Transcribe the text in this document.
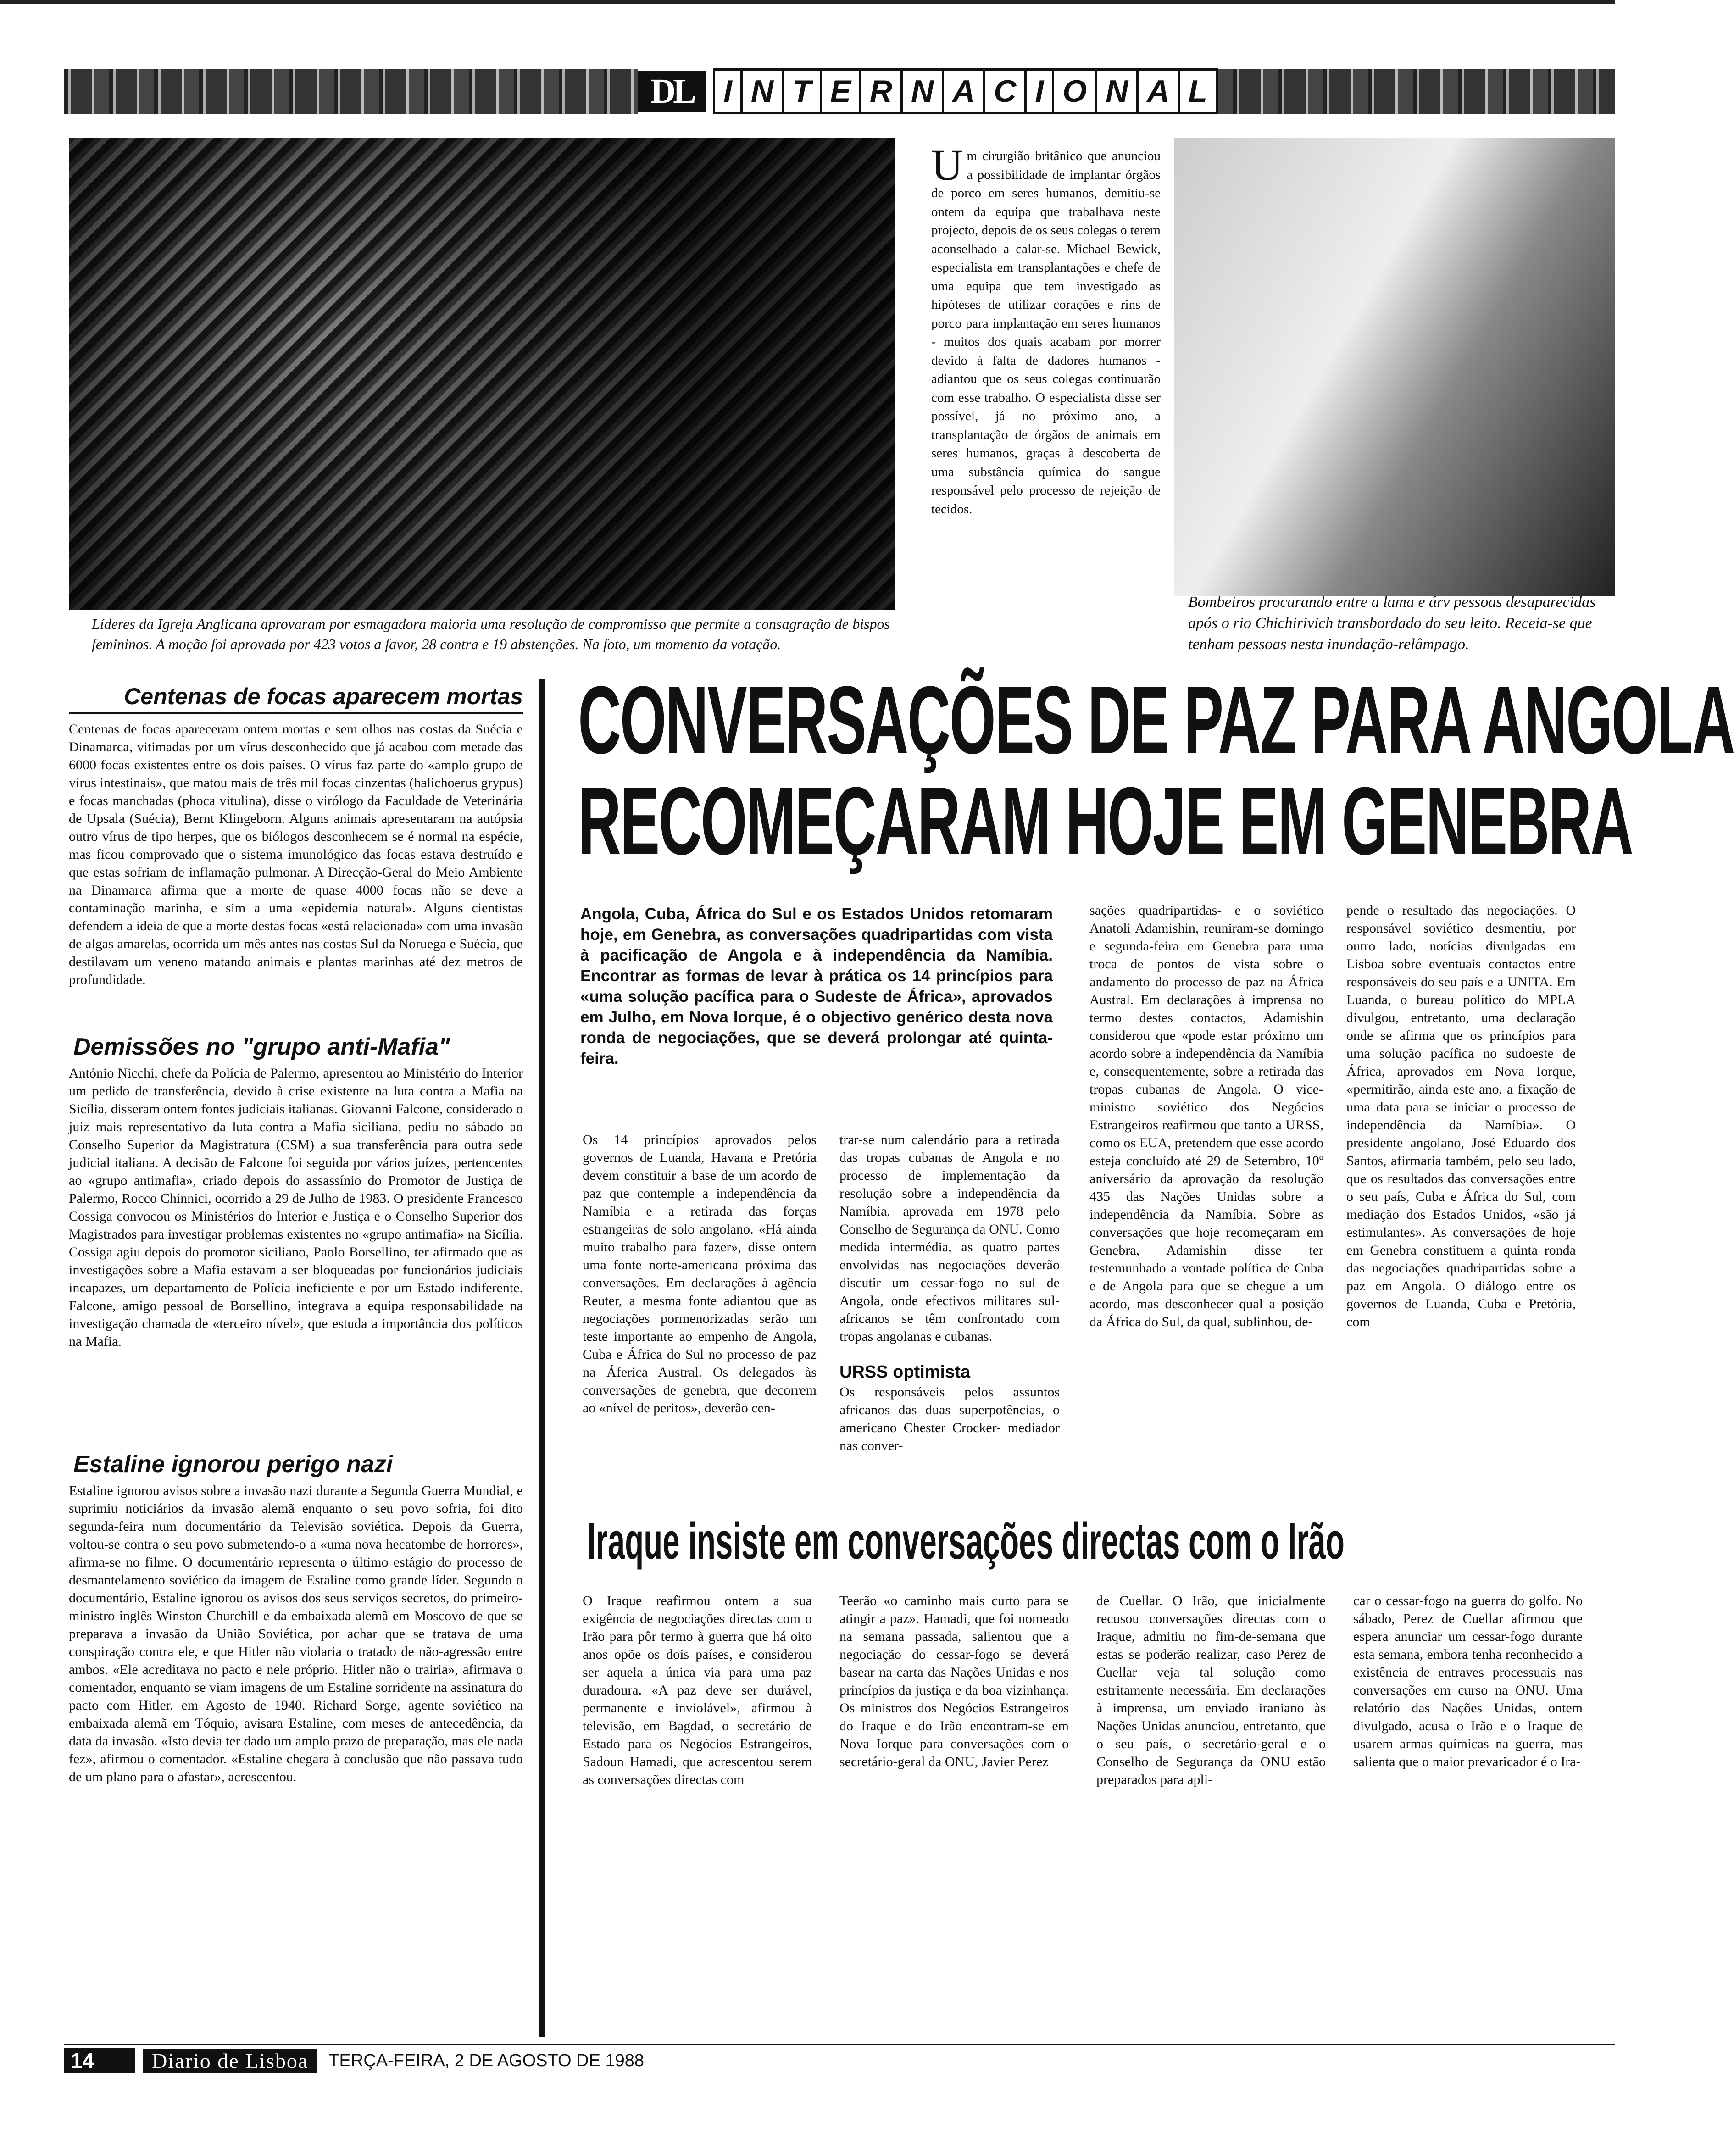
DL I N T E R N A C I O N A L
Líderes da Igreja Anglicana aprovaram por esmagadora maioria uma resolução de compromisso que permite a consagração de bispos femininos. A moção foi aprovada por 423 votos a favor, 28 contra e 19 abstenções. Na foto, um momento da votação.
Um cirurgião britânico que anunciou a possibilidade de implantar órgãos de porco em seres humanos, demitiu-se ontem da equipa que trabalhava neste projecto, depois de os seus colegas o terem aconselhado a calar-se. Michael Bewick, especialista em transplantações e chefe de uma equipa que tem investigado as hipóteses de utilizar corações e rins de porco para implantação em seres humanos - muitos dos quais acabam por morrer devido à falta de dadores humanos - adiantou que os seus colegas continuarão com esse trabalho. O especialista disse ser possível, já no próximo ano, a transplantação de órgãos de animais em seres humanos, graças à descoberta de uma substância química do sangue responsável pelo processo de rejeição de tecidos.
Bombeiros procurando entre a lama e árv pessoas desaparecidas após o rio Chichirivich transbordado do seu leito. Receia-se que tenham pessoas nesta inundação-relâmpago.
Centenas de focas aparecem mortas
Centenas de focas apareceram ontem mortas e sem olhos nas costas da Suécia e Dinamarca, vitimadas por um vírus desconhecido que já acabou com metade das 6000 focas existentes entre os dois países. O vírus faz parte do «amplo grupo de vírus intestinais», que matou mais de três mil focas cinzentas (halichoerus grypus) e focas manchadas (phoca vitulina), disse o virólogo da Faculdade de Veterinária de Upsala (Suécia), Bernt Klingeborn. Alguns animais apresentaram na autópsia outro vírus de tipo herpes, que os biólogos desconhecem se é normal na espécie, mas ficou comprovado que o sistema imunológico das focas estava destruído e que estas sofriam de inflamação pulmonar. A Direcção-Geral do Meio Ambiente na Dinamarca afirma que a morte de quase 4000 focas não se deve a contaminação marinha, e sim a uma «epidemia natural». Alguns cientistas defendem a ideia de que a morte destas focas «está relacionada» com uma invasão de algas amarelas, ocorrida um mês antes nas costas Sul da Noruega e Suécia, que destilavam um veneno matando animais e plantas marinhas até dez metros de profundidade.
Demissões no "grupo anti-Mafia"
António Nicchi, chefe da Polícia de Palermo, apresentou ao Ministério do Interior um pedido de transferência, devido à crise existente na luta contra a Mafia na Sicília, disseram ontem fontes judiciais italianas. Giovanni Falcone, considerado o juiz mais representativo da luta contra a Mafia siciliana, pediu no sábado ao Conselho Superior da Magistratura (CSM) a sua transferência para outra sede judicial italiana. A decisão de Falcone foi seguida por vários juízes, pertencentes ao «grupo antimafia», criado depois do assassínio do Promotor de Justiça de Palermo, Rocco Chinnici, ocorrido a 29 de Julho de 1983. O presidente Francesco Cossiga convocou os Ministérios do Interior e Justiça e o Conselho Superior dos Magistrados para investigar problemas existentes no «grupo antimafia» na Sicília. Cossiga agiu depois do promotor siciliano, Paolo Borsellino, ter afirmado que as investigações sobre a Mafia estavam a ser bloqueadas por funcionários judiciais incapazes, um departamento de Polícia ineficiente e por um Estado indiferente. Falcone, amigo pessoal de Borsellino, integrava a equipa responsabilidade na investigação chamada de «terceiro nível», que estuda a importância dos políticos na Mafia.
Estaline ignorou perigo nazi
Estaline ignorou avisos sobre a invasão nazi durante a Segunda Guerra Mundial, e suprimiu noticiários da invasão alemã enquanto o seu povo sofria, foi dito segunda-feira num documentário da Televisão soviética. Depois da Guerra, voltou-se contra o seu povo submetendo-o a «uma nova hecatombe de horrores», afirma-se no filme. O documentário representa o último estágio do processo de desmantelamento soviético da imagem de Estaline como grande líder. Segundo o documentário, Estaline ignorou os avisos dos seus serviços secretos, do primeiro-ministro inglês Winston Churchill e da embaixada alemã em Moscovo de que se preparava a invasão da União Soviética, por achar que se tratava de uma conspiração contra ele, e que Hitler não violaria o tratado de não-agressão entre ambos. «Ele acreditava no pacto e nele próprio. Hitler não o trairia», afirmava o comentador, enquanto se viam imagens de um Estaline sorridente na assinatura do pacto com Hitler, em Agosto de 1940. Richard Sorge, agente soviético na embaixada alemã em Tóquio, avisara Estaline, com meses de antecedência, da data da invasão. «Isto devia ter dado um amplo prazo de preparação, mas ele nada fez», afirmou o comentador. «Estaline chegara à conclusão que não passava tudo de um plano para o afastar», acrescentou.
CONVERSAÇÕES DE PAZ PARA ANGOLA
RECOMEÇARAM HOJE EM GENEBRA
Angola, Cuba, África do Sul e os Estados Unidos retomaram hoje, em Genebra, as conversações quadripartidas com vista à pacificação de Angola e à independência da Namíbia. Encontrar as formas de levar à prática os 14 princípios para «uma solução pacífica para o Sudeste de África», aprovados em Julho, em Nova Iorque, é o objectivo genérico desta nova ronda de negociações, que se deverá prolongar até quinta-feira.
Os 14 princípios aprovados pelos governos de Luanda, Havana e Pretória devem constituir a base de um acordo de paz que contemple a independência da Namíbia e a retirada das forças estrangeiras de solo angolano. «Há ainda muito trabalho para fazer», disse ontem uma fonte norte-americana próxima das conversações. Em declarações à agência Reuter, a mesma fonte adiantou que as negociações pormenorizadas serão um teste importante ao empenho de Angola, Cuba e África do Sul no processo de paz na Áferica Austral. Os delegados às conversações de genebra, que decorrem ao «nível de peritos», deverão cen-
trar-se num calendário para a retirada das tropas cubanas de Angola e no processo de implementação da resolução sobre a independência da Namíbia, aprovada em 1978 pelo Conselho de Segurança da ONU. Como medida intermédia, as quatro partes envolvidas nas negociações deverão discutir um cessar-fogo no sul de Angola, onde efectivos militares sul-africanos se têm confrontado com tropas angolanas e cubanas.
URSS optimista
Os responsáveis pelos assuntos africanos das duas superpotências, o americano Chester Crocker- mediador nas conver-
sações quadripartidas- e o soviético Anatoli Adamishin, reuniram-se domingo e segunda-feira em Genebra para uma troca de pontos de vista sobre o andamento do processo de paz na África Austral. Em declarações à imprensa no termo destes contactos, Adamishin considerou que «pode estar próximo um acordo sobre a independência da Namíbia e, consequentemente, sobre a retirada das tropas cubanas de Angola. O vice-ministro soviético dos Negócios Estrangeiros reafirmou que tanto a URSS, como os EUA, pretendem que esse acordo esteja concluído até 29 de Setembro, 10º aniversário da aprovação da resolução 435 das Nações Unidas sobre a independência da Namíbia. Sobre as conversações que hoje recomeçaram em Genebra, Adamishin disse ter testemunhado a vontade política de Cuba e de Angola para que se chegue a um acordo, mas desconhecer qual a posição da África do Sul, da qual, sublinhou, de-
pende o resultado das negociações. O responsável soviético desmentiu, por outro lado, notícias divulgadas em Lisboa sobre eventuais contactos entre responsáveis do seu país e a UNITA. Em Luanda, o bureau político do MPLA divulgou, entretanto, uma declaração onde se afirma que os princípios para uma solução pacífica no sudoeste de África, aprovados em Nova Iorque, «permitirão, ainda este ano, a fixação de uma data para se iniciar o processo de independência da Namíbia». O presidente angolano, José Eduardo dos Santos, afirmaria também, pelo seu lado, que os resultados das conversações entre o seu país, Cuba e África do Sul, com mediação dos Estados Unidos, «são já estimulantes». As conversações de hoje em Genebra constituem a quinta ronda das negociações quadripartidas sobre a paz em Angola. O diálogo entre os governos de Luanda, Cuba e Pretória, com
Iraque insiste em conversações directas com o Irão
O Iraque reafirmou ontem a sua exigência de negociações directas com o Irão para pôr termo à guerra que há oito anos opõe os dois países, e considerou ser aquela a única via para uma paz duradoura. «A paz deve ser durável, permanente e inviolável», afirmou à televisão, em Bagdad, o secretário de Estado para os Negócios Estrangeiros, Sadoun Hamadi, que acrescentou serem as conversações directas com
Teerão «o caminho mais curto para se atingir a paz». Hamadi, que foi nomeado na semana passada, salientou que a negociação do cessar-fogo se deverá basear na carta das Nações Unidas e nos princípios da justiça e da boa vizinhança. Os ministros dos Negócios Estrangeiros do Iraque e do Irão encontram-se em Nova Iorque para conversações com o secretário-geral da ONU, Javier Perez
de Cuellar. O Irão, que inicialmente recusou conversações directas com o Iraque, admitiu no fim-de-semana que estas se poderão realizar, caso Perez de Cuellar veja tal solução como estritamente necessária. Em declarações à imprensa, um enviado iraniano às Nações Unidas anunciou, entretanto, que o seu país, o secretário-geral e o Conselho de Segurança da ONU estão preparados para apli-
car o cessar-fogo na guerra do golfo. No sábado, Perez de Cuellar afirmou que espera anunciar um cessar-fogo durante esta semana, embora tenha reconhecido a existência de entraves processuais nas conversações em curso na ONU. Uma relatório das Nações Unidas, ontem divulgado, acusa o Irão e o Iraque de usarem armas químicas na guerra, mas salienta que o maior prevaricador é o Ira-
14	Diario de Lisboa	TERÇA-FEIRA, 2 DE AGOSTO DE 1988
